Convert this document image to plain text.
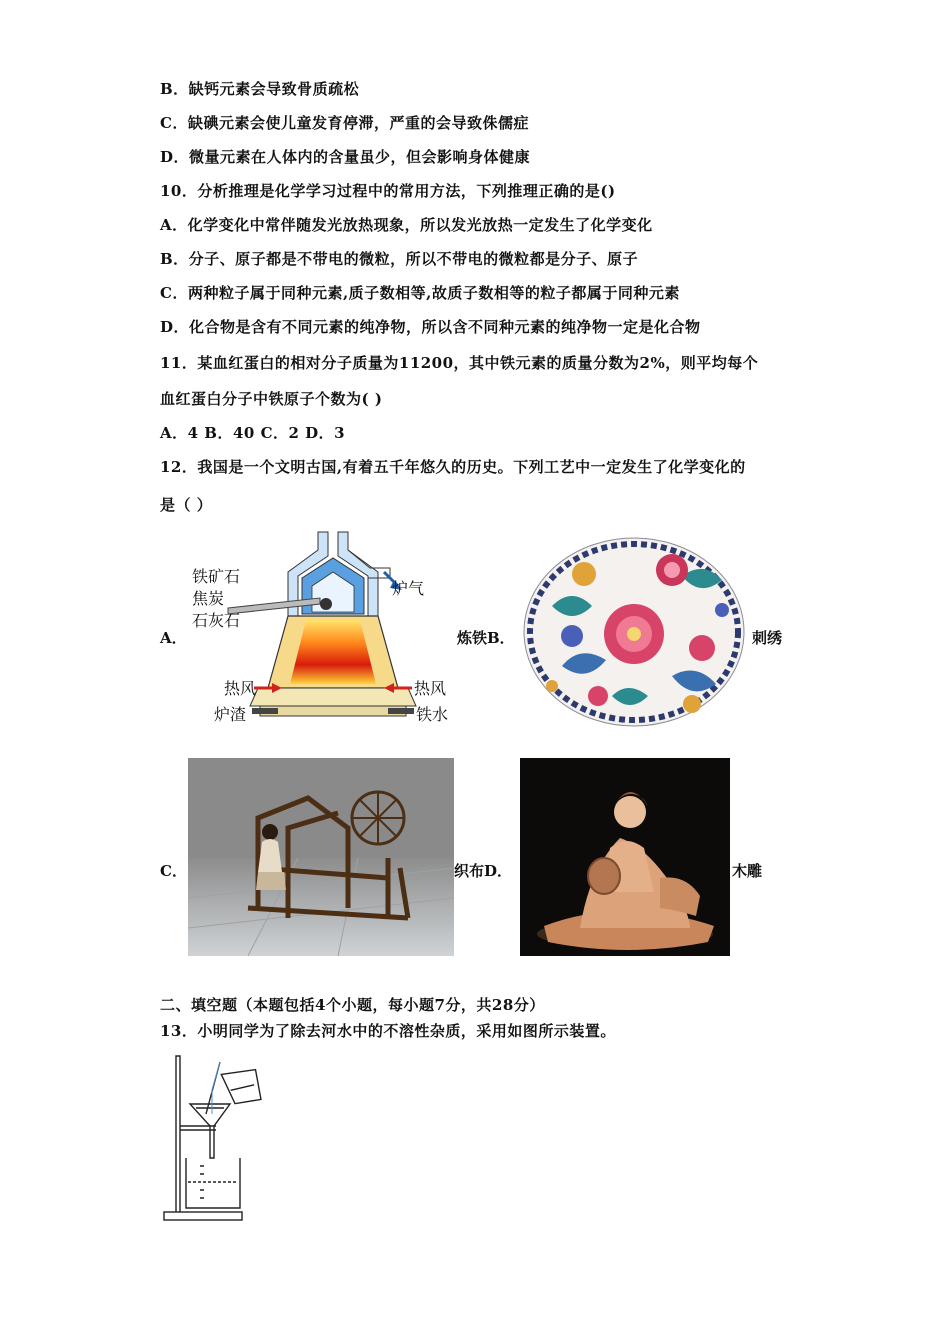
B．缺钙元素会导致骨质疏松
C．缺碘元素会使儿童发育停滞，严重的会导致侏儒症
D．微量元素在人体内的含量虽少，但会影响身体健康
10．分析推理是化学学习过程中的常用方法，下列推理正确的是()
A．化学变化中常伴随发光放热现象，所以发光放热一定发生了化学变化
B．分子、原子都是不带电的微粒，所以不带电的微粒都是分子、原子
C．两种粒子属于同种元素,质子数相等,故质子数相等的粒子都属于同种元素
D．化合物是含有不同元素的纯净物，所以含不同种元素的纯净物一定是化合物
11．某血红蛋白的相对分子质量为11200，其中铁元素的质量分数为2%，则平均每个
血红蛋白分子中铁原子个数为( )
A．4 B．40 C．2 D．3
12．我国是一个文明古国,有着五千年悠久的历史。下列工艺中一定发生了化学变化的
是（ ）
A．
铁矿石
焦炭
石灰石
炉气
热风	热风
炉渣	铁水
炼铁B．	刺绣
C．	织布D．	木雕
二、填空题（本题包括4个小题，每小题7分，共28分）
13．小明同学为了除去河水中的不溶性杂质，采用如图所示装置。
